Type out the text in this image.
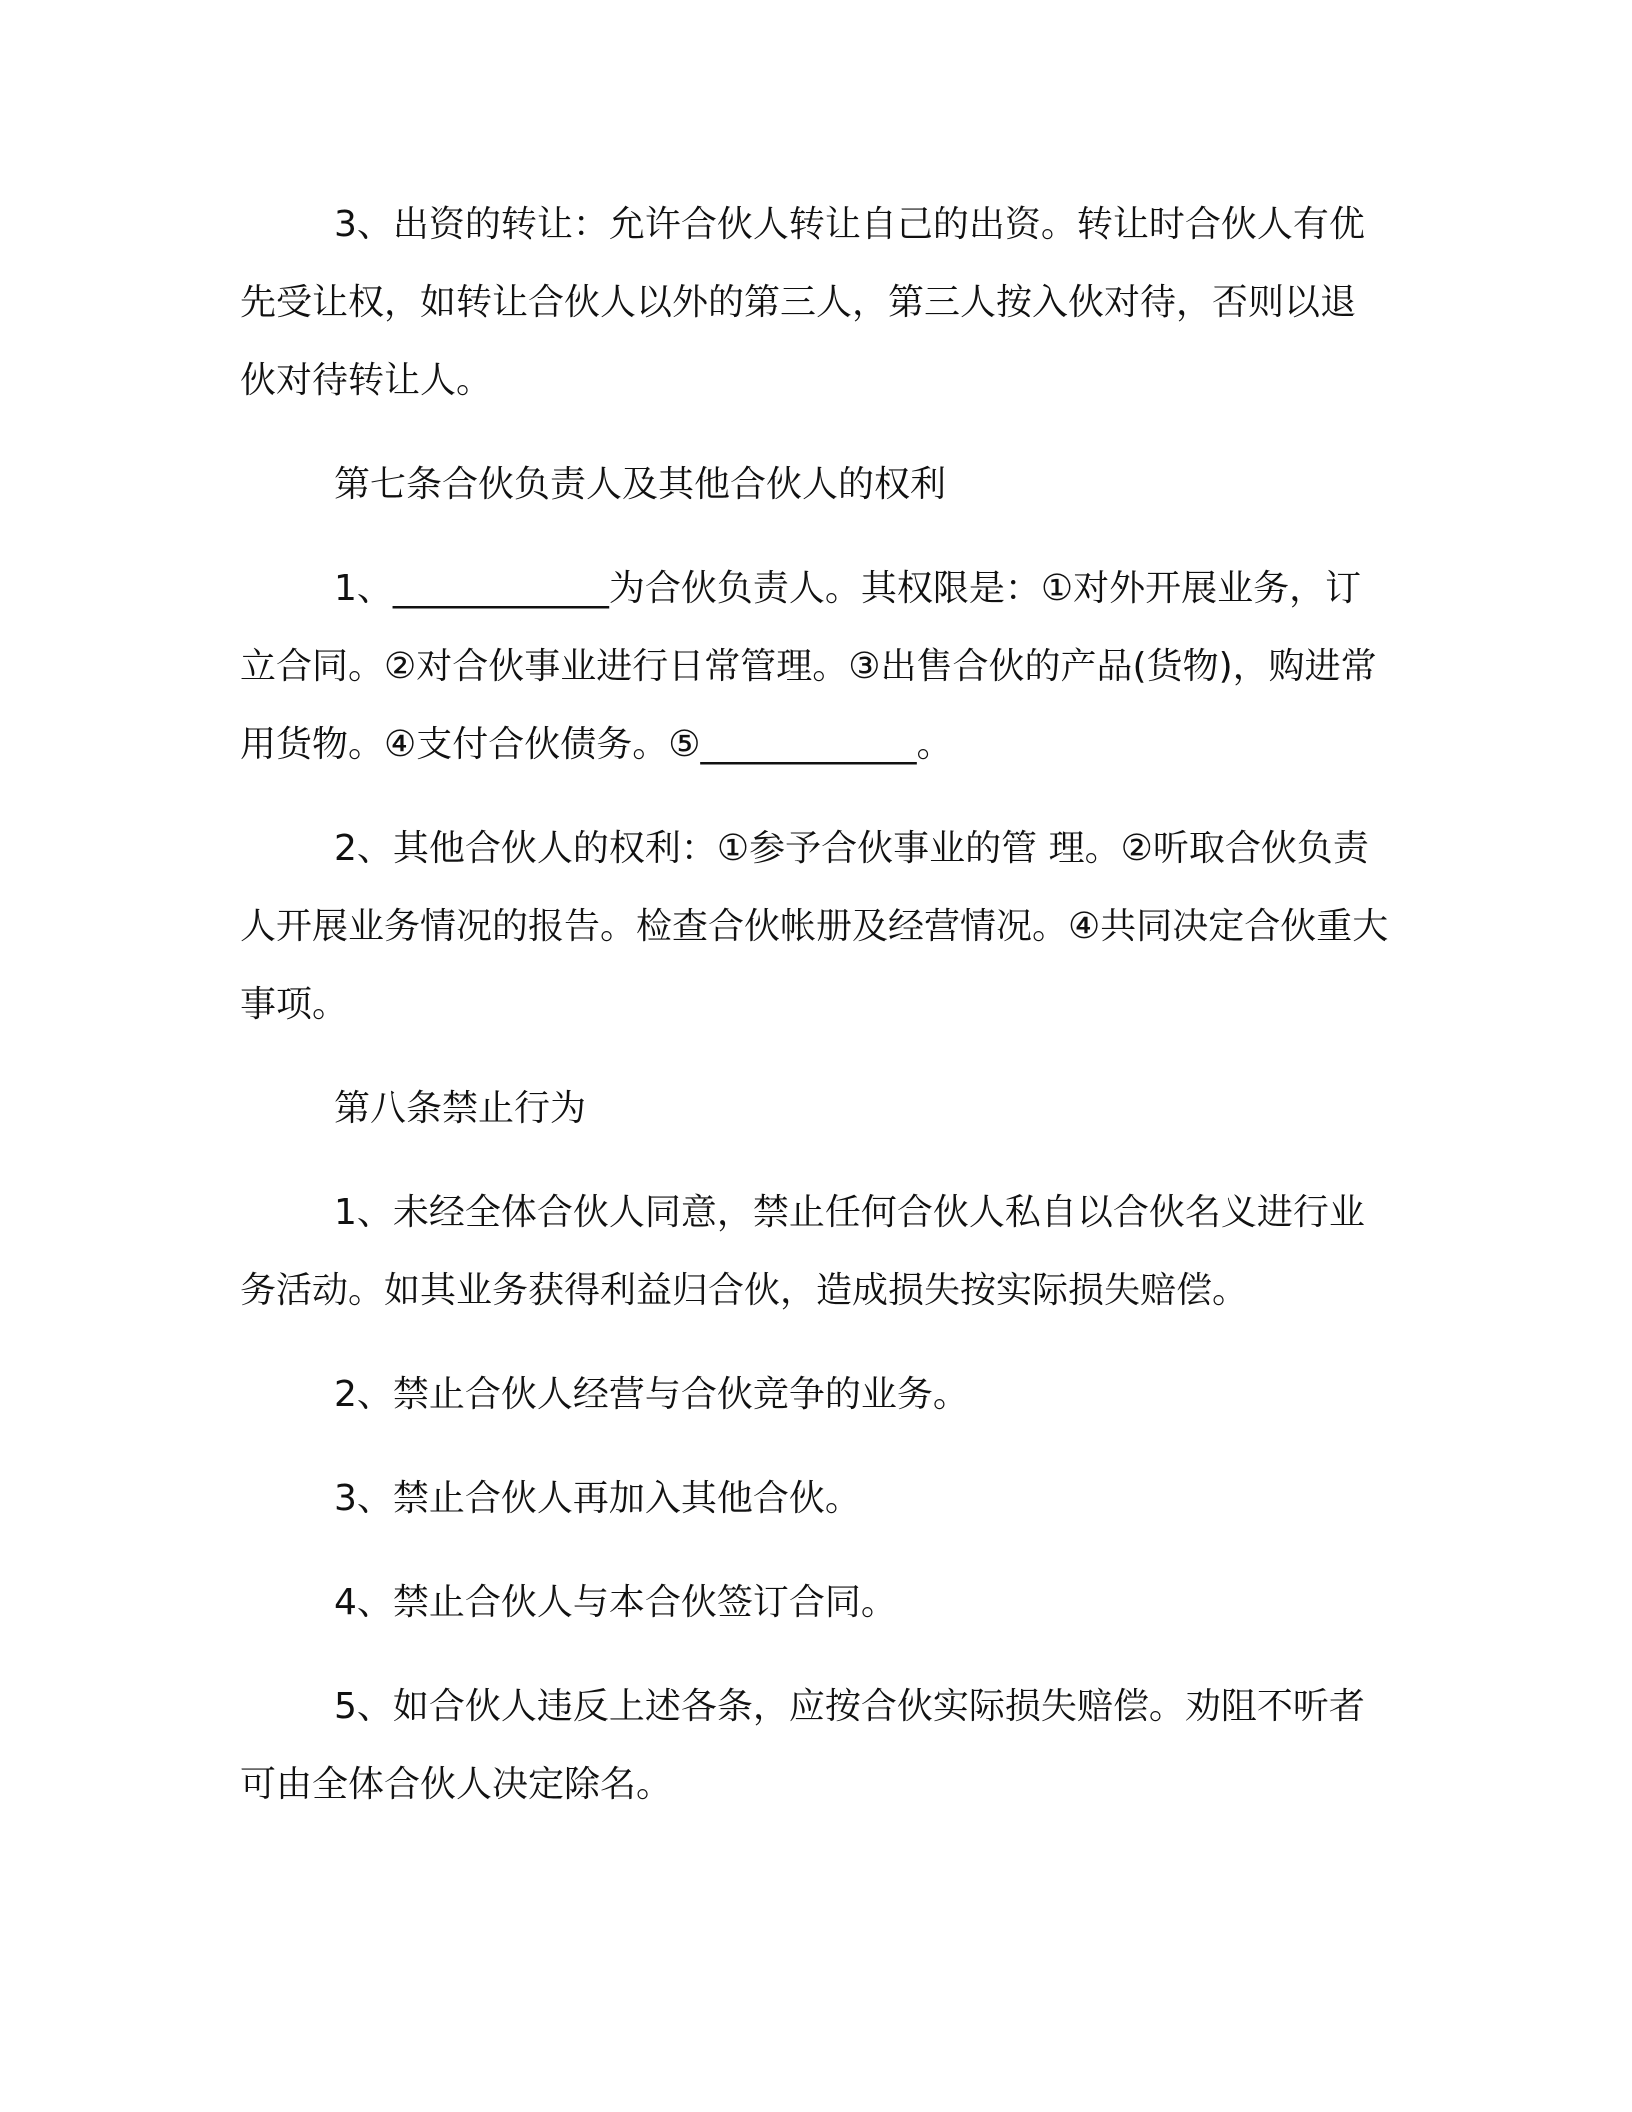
3、出资的转让：允许合伙人转让自己的出资。转让时合伙人有优先受让权，如转让合伙人以外的第三人，第三人按入伙对待，否则以退伙对待转让人。

第七条合伙负责人及其他合伙人的权利

1、____________为合伙负责人。其权限是：①对外开展业务，订立合同。②对合伙事业进行日常管理。③出售合伙的产品(货物)，购进常用货物。④支付合伙债务。⑤____________。

2、其他合伙人的权利：①参予合伙事业的管 理。②听取合伙负责人开展业务情况的报告。检查合伙帐册及经营情况。④共同决定合伙重大事项。

第八条禁止行为

1、未经全体合伙人同意，禁止任何合伙人私自以合伙名义进行业务活动。如其业务获得利益归合伙，造成损失按实际损失赔偿。

2、禁止合伙人经营与合伙竞争的业务。

3、禁止合伙人再加入其他合伙。

4、禁止合伙人与本合伙签订合同。

5、如合伙人违反上述各条，应按合伙实际损失赔偿。劝阻不听者可由全体合伙人决定除名。
